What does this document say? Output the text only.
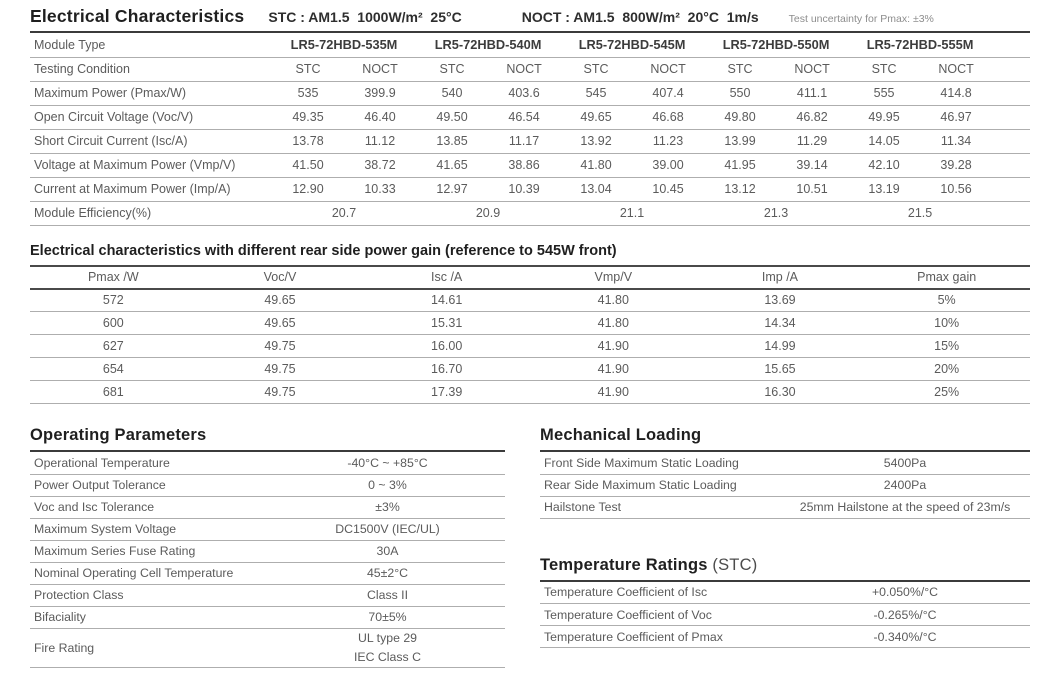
Electrical Characteristics STC : AM1.5  1000W/m²  25°C	NOCT : AM1.5  800W/m²  20°C  1m/s	Test uncertainty for Pmax: ±3%
Module Type	LR5-72HBD-535M		LR5-72HBD-540M		LR5-72HBD-545M		LR5-72HBD-550M		LR5-72HBD-555M		
Testing Condition	STC	NOCT	STC	NOCT	STC	NOCT	STC	NOCT	STC	NOCT	
Maximum Power (Pmax/W)	535	399.9	540	403.6	545	407.4	550	411.1	555	414.8	
Open Circuit Voltage (Voc/V)	49.35	46.40	49.50	46.54	49.65	46.68	49.80	46.82	49.95	46.97	
Short Circuit Current (Isc/A)	13.78	11.12	13.85	11.17	13.92	11.23	13.99	11.29	14.05	11.34	
Voltage at Maximum Power (Vmp/V)	41.50	38.72	41.65	38.86	41.80	39.00	41.95	39.14	42.10	39.28	
Current at Maximum Power (Imp/A)	12.90	10.33	12.97	10.39	13.04	10.45	13.12	10.51	13.19	10.56	
Module Efficiency(%)	20.7		20.9		21.1		21.3		21.5		
Electrical characteristics with different rear side power gain (reference to 545W front)
Pmax /W	Voc/V	Isc /A	Vmp/V	Imp /A	Pmax gain
572	49.65	14.61	41.80	13.69	5%
600	49.65	15.31	41.80	14.34	10%
627	49.75	16.00	41.90	14.99	15%
654	49.75	16.70	41.90	15.65	20%
681	49.75	17.39	41.90	16.30	25%
Operating Parameters
Operational Temperature	-40°C ~ +85°C
Power Output Tolerance	0 ~ 3%
Voc and Isc Tolerance	±3%
Maximum System Voltage	DC1500V (IEC/UL)
Maximum Series Fuse Rating	30A
Nominal Operating Cell Temperature	45±2°C
Protection Class	Class II
Bifaciality	70±5%
Fire Rating	UL type 29
IEC Class C
Mechanical Loading
Front Side Maximum Static Loading	5400Pa
Rear Side Maximum Static Loading	2400Pa
Hailstone Test	25mm Hailstone at the speed of 23m/s
Temperature Ratings (STC)
Temperature Coefficient of Isc	+0.050%/°C
Temperature Coefficient of Voc	-0.265%/°C
Temperature Coefficient of Pmax	-0.340%/°C
